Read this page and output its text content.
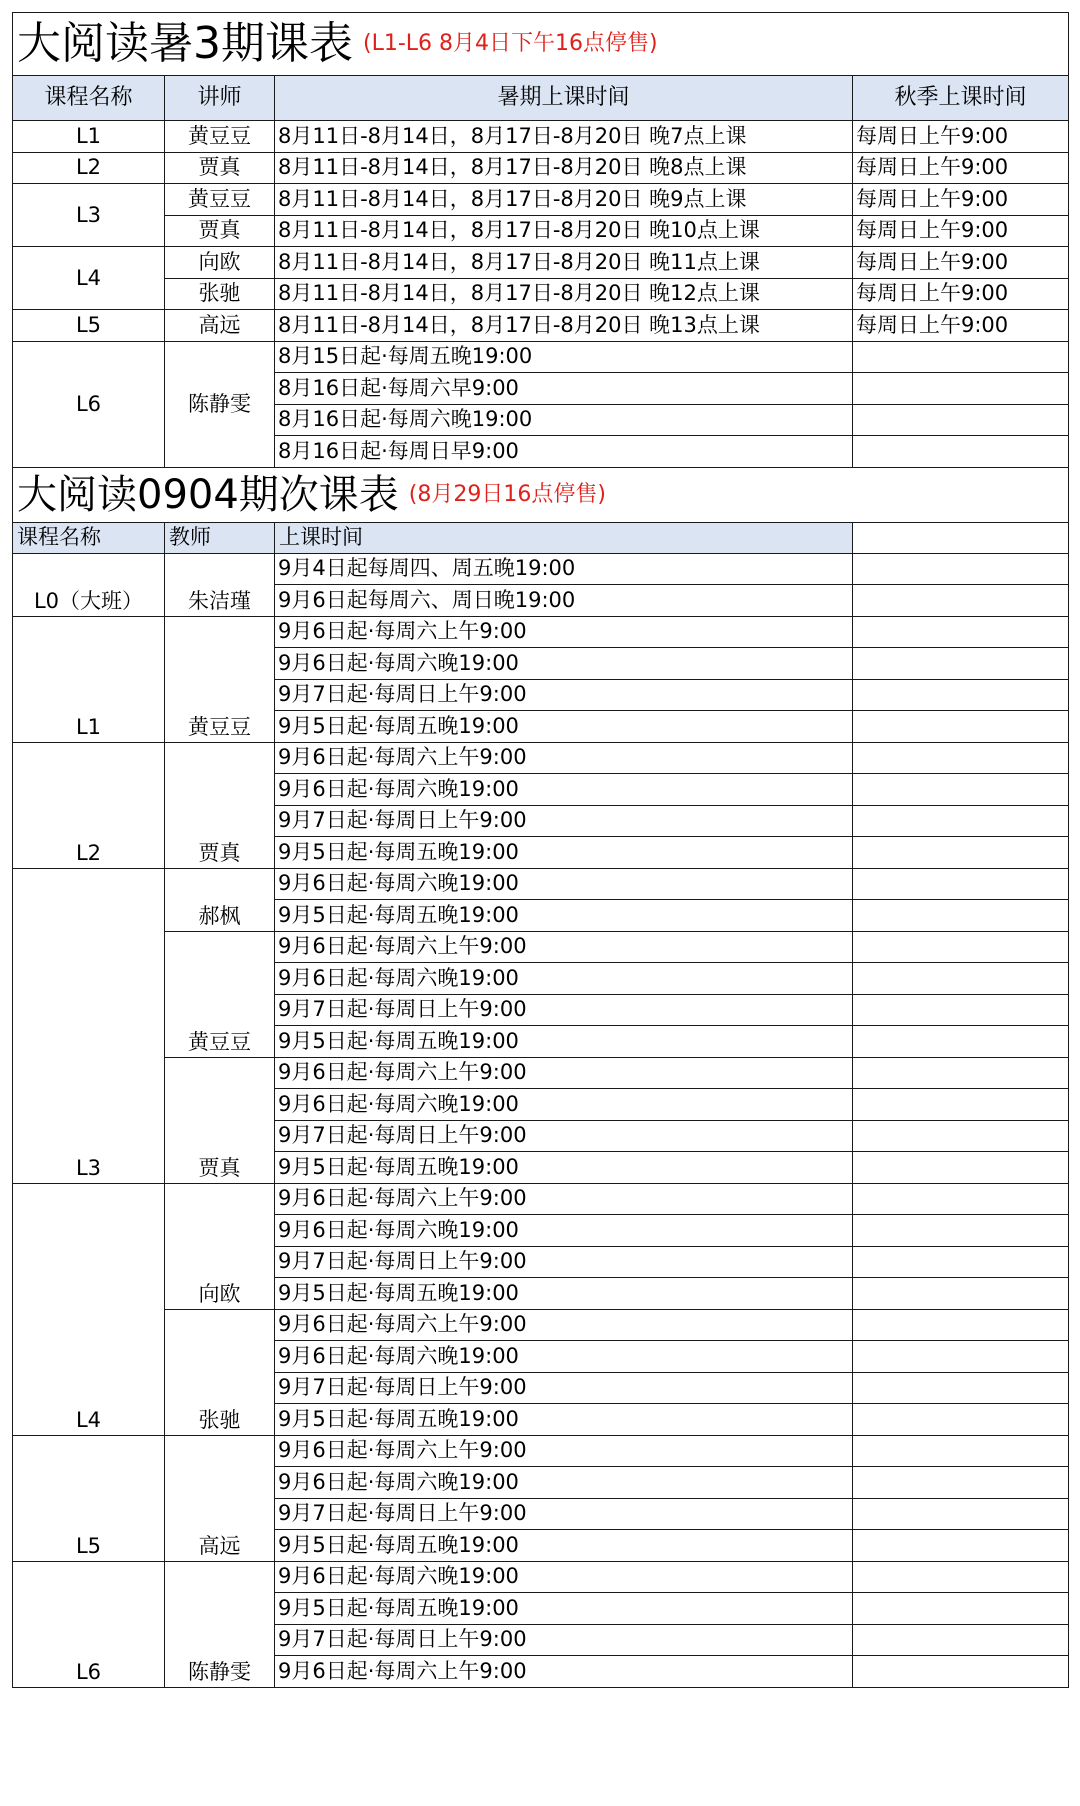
大阅读暑3期课表 (L1-L6 8月4日下午16点停售)			
课程名称	讲师	暑期上课时间	秋季上课时间
L1	黄豆豆	8月11日-8月14日，8月17日-8月20日 晚7点上课	每周日上午9:00
L2	贾真	8月11日-8月14日，8月17日-8月20日 晚8点上课	每周日上午9:00
L3	黄豆豆	8月11日-8月14日，8月17日-8月20日 晚9点上课	每周日上午9:00
	贾真	8月11日-8月14日，8月17日-8月20日 晚10点上课	每周日上午9:00
L4	向欧	8月11日-8月14日，8月17日-8月20日 晚11点上课	每周日上午9:00
	张驰	8月11日-8月14日，8月17日-8月20日 晚12点上课	每周日上午9:00
L5	高远	8月11日-8月14日，8月17日-8月20日 晚13点上课	每周日上午9:00
L6	陈静雯	8月15日起·每周五晚19:00	
		8月16日起·每周六早9:00	
		8月16日起·每周六晚19:00	
		8月16日起·每周日早9:00	
大阅读0904期次课表 (8月29日16点停售)			
课程名称	教师	上课时间	
L0（大班）	朱洁瑾	9月4日起每周四、周五晚19:00	
		9月6日起每周六、周日晚19:00	
L1	黄豆豆	9月6日起·每周六上午9:00	
		9月6日起·每周六晚19:00	
		9月7日起·每周日上午9:00	
		9月5日起·每周五晚19:00	
L2	贾真	9月6日起·每周六上午9:00	
		9月6日起·每周六晚19:00	
		9月7日起·每周日上午9:00	
		9月5日起·每周五晚19:00	
L3	郝枫	9月6日起·每周六晚19:00	
		9月5日起·每周五晚19:00	
	黄豆豆	9月6日起·每周六上午9:00	
		9月6日起·每周六晚19:00	
		9月7日起·每周日上午9:00	
		9月5日起·每周五晚19:00	
	贾真	9月6日起·每周六上午9:00	
		9月6日起·每周六晚19:00	
		9月7日起·每周日上午9:00	
		9月5日起·每周五晚19:00	
L4	向欧	9月6日起·每周六上午9:00	
		9月6日起·每周六晚19:00	
		9月7日起·每周日上午9:00	
		9月5日起·每周五晚19:00	
	张驰	9月6日起·每周六上午9:00	
		9月6日起·每周六晚19:00	
		9月7日起·每周日上午9:00	
		9月5日起·每周五晚19:00	
L5	高远	9月6日起·每周六上午9:00	
		9月6日起·每周六晚19:00	
		9月7日起·每周日上午9:00	
		9月5日起·每周五晚19:00	
L6	陈静雯	9月6日起·每周六晚19:00	
		9月5日起·每周五晚19:00	
		9月7日起·每周日上午9:00	
		9月6日起·每周六上午9:00	
